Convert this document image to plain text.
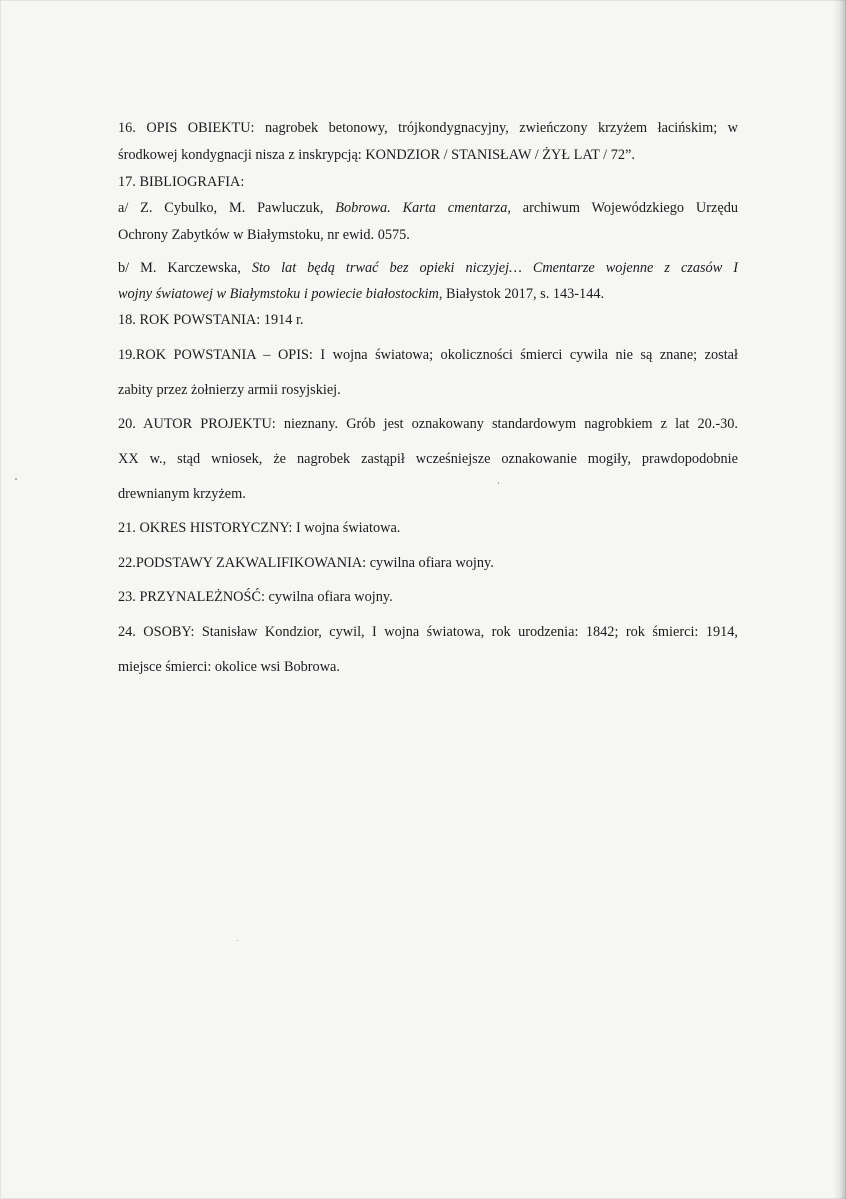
16. OPIS OBIEKTU: nagrobek betonowy, trójkondygnacyjny, zwieńczony krzyżem łacińskim; w
środkowej kondygnacji nisza z inskrypcją: KONDZIOR / STANISŁAW / ŻYŁ LAT / 72”.
17. BIBLIOGRAFIA:
a/ Z. Cybulko, M. Pawluczuk, Bobrowa. Karta cmentarza, archiwum Wojewódzkiego Urzędu
Ochrony Zabytków w Białymstoku, nr ewid. 0575.
b/ M. Karczewska, Sto lat będą trwać bez opieki niczyjej… Cmentarze wojenne z czasów I
wojny światowej w Białymstoku i powiecie białostockim, Białystok 2017, s. 143-144.
18. ROK POWSTANIA: 1914 r.
19.ROK POWSTANIA – OPIS: I wojna światowa; okoliczności śmierci cywila nie są znane; został
zabity przez żołnierzy armii rosyjskiej.
20. AUTOR PROJEKTU: nieznany. Grób jest oznakowany standardowym nagrobkiem z lat 20.-30.
XX w., stąd wniosek, że nagrobek zastąpił wcześniejsze oznakowanie mogiły, prawdopodobnie
drewnianym krzyżem.
21. OKRES HISTORYCZNY: I wojna światowa.
22.PODSTAWY ZAKWALIFIKOWANIA: cywilna ofiara wojny.
23. PRZYNALEŻNOŚĆ: cywilna ofiara wojny.
24. OSOBY: Stanisław Kondzior, cywil, I wojna światowa, rok urodzenia: 1842; rok śmierci: 1914,
miejsce śmierci: okolice wsi Bobrowa.
